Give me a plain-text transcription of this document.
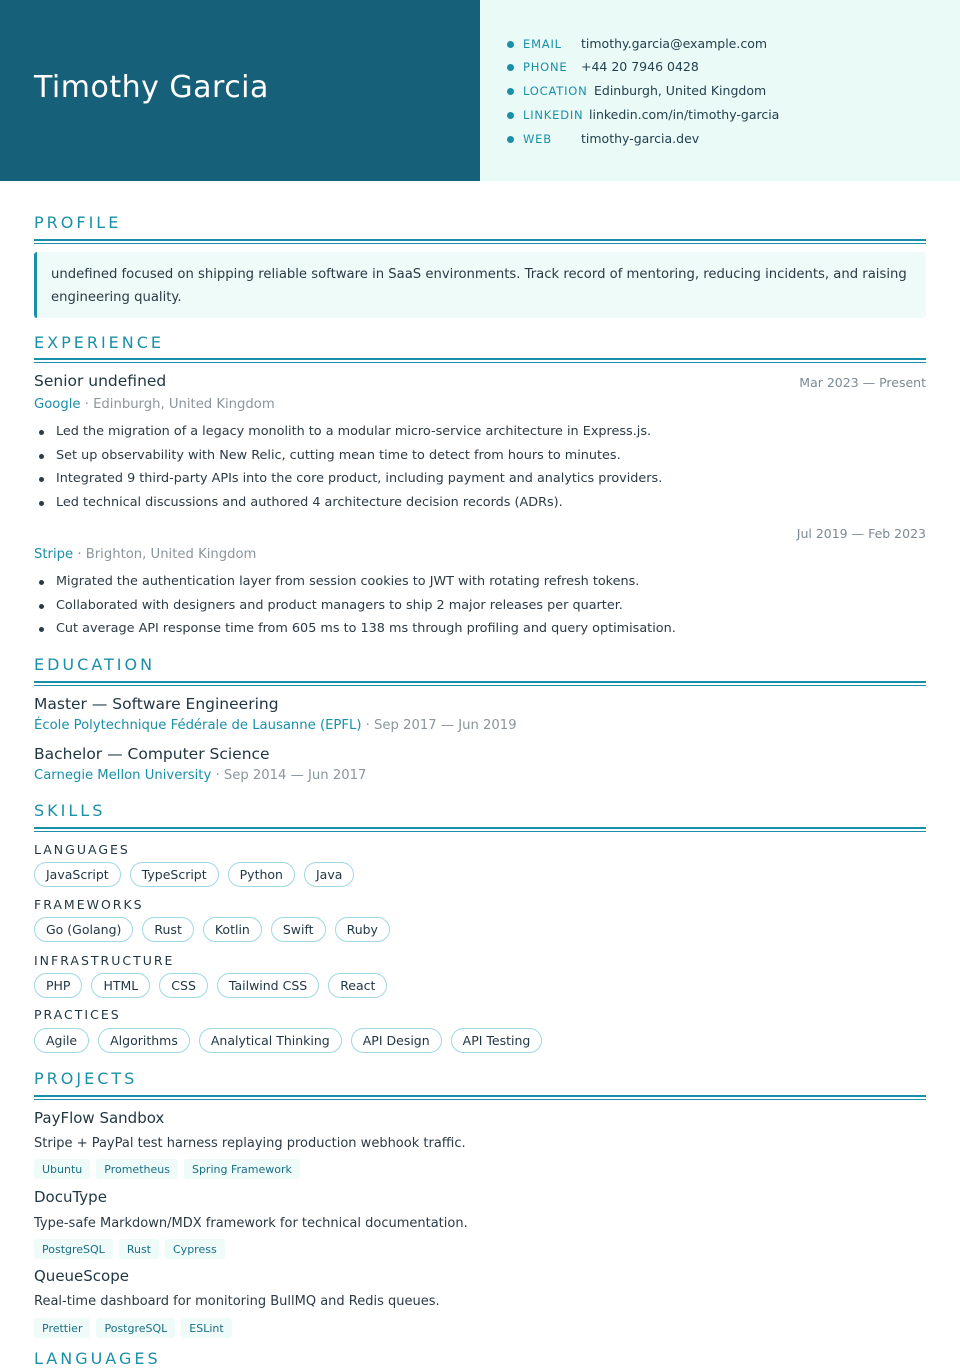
Timothy Garcia
EMAIL timothy.garcia@example.com
PHONE +44 20 7946 0428
LOCATION Edinburgh, United Kingdom
LINKEDIN linkedin.com/in/timothy-garcia
WEB timothy-garcia.dev
PROFILE
undefined focused on shipping reliable software in SaaS environments. Track record of mentoring, reducing incidents, and raising engineering quality.
EXPERIENCE
Senior undefined	Mar 2023 — Present
Google · Edinburgh, United Kingdom
Led the migration of a legacy monolith to a modular micro-service architecture in Express.js.
Set up observability with New Relic, cutting mean time to detect from hours to minutes.
Integrated 9 third-party APIs into the core product, including payment and analytics providers.
Led technical discussions and authored 4 architecture decision records (ADRs).
Jul 2019 — Feb 2023
Stripe · Brighton, United Kingdom
Migrated the authentication layer from session cookies to JWT with rotating refresh tokens.
Collaborated with designers and product managers to ship 2 major releases per quarter.
Cut average API response time from 605 ms to 138 ms through profiling and query optimisation.
EDUCATION
Master — Software Engineering
École Polytechnique Fédérale de Lausanne (EPFL) · Sep 2017 — Jun 2019
Bachelor — Computer Science
Carnegie Mellon University · Sep 2014 — Jun 2017
SKILLS
LANGUAGES
JavaScript	TypeScript	Python	Java
FRAMEWORKS
Go (Golang)	Rust	Kotlin	Swift	Ruby
INFRASTRUCTURE
PHP	HTML	CSS	Tailwind CSS	React
PRACTICES
Agile	Algorithms	Analytical Thinking	API Design	API Testing
PROJECTS
PayFlow Sandbox
Stripe + PayPal test harness replaying production webhook traffic.
Ubuntu	Prometheus	Spring Framework
DocuType
Type-safe Markdown/MDX framework for technical documentation.
PostgreSQL	Rust	Cypress
QueueScope
Real-time dashboard for monitoring BullMQ and Redis queues.
Prettier	PostgreSQL	ESLint
LANGUAGES
